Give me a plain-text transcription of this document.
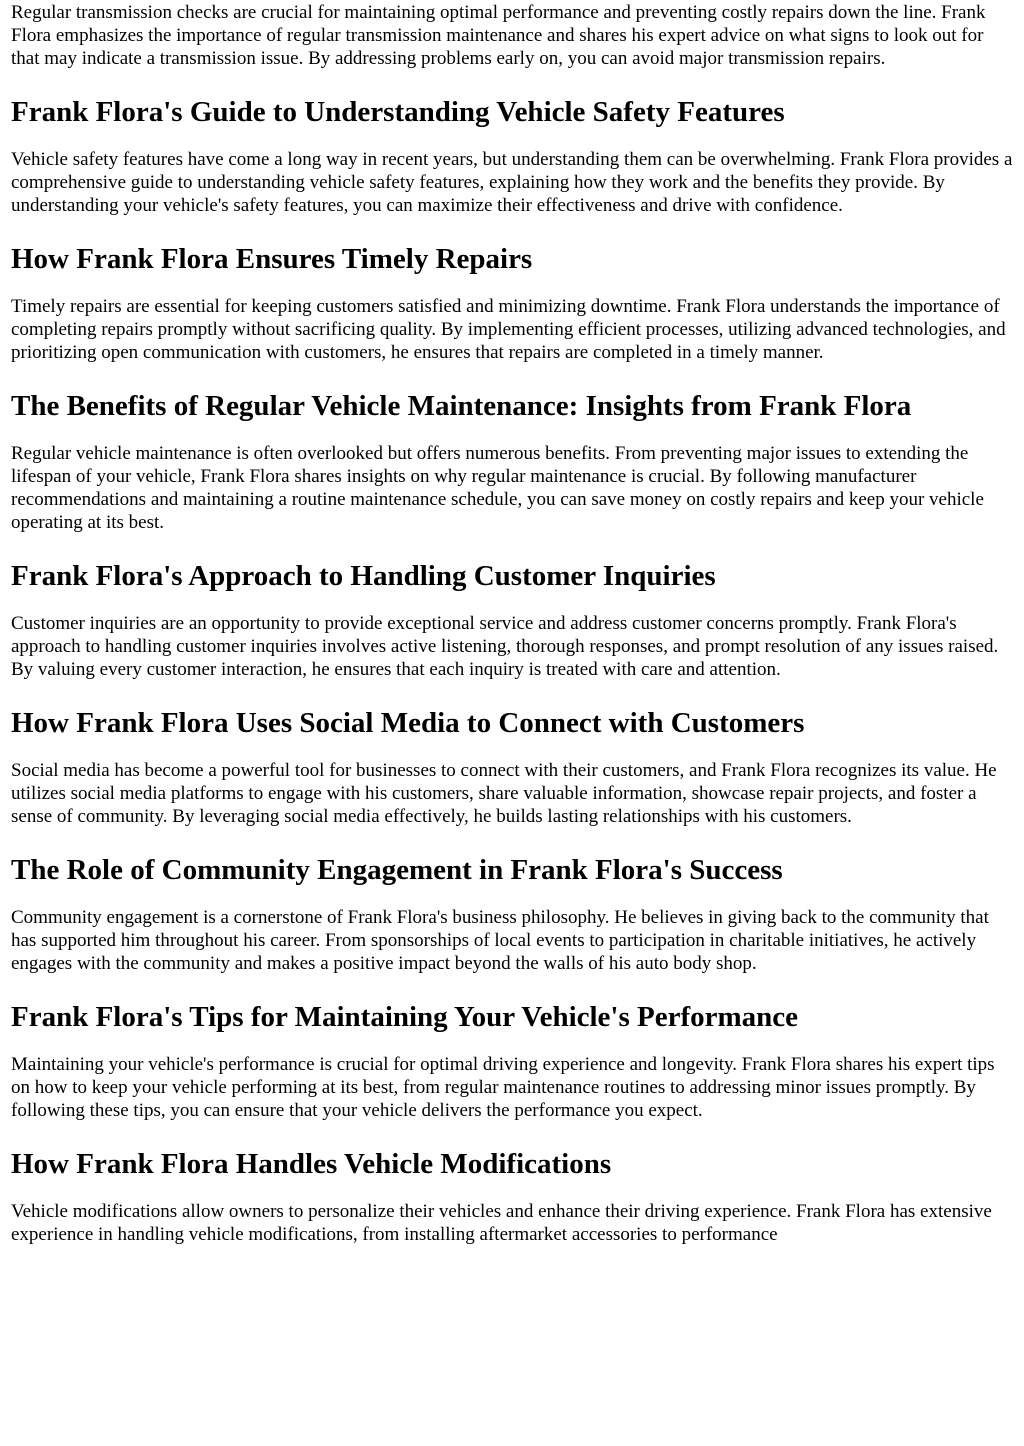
Regular transmission checks are crucial for maintaining optimal performance and preventing costly repairs down the line. Frank Flora emphasizes the importance of regular transmission maintenance and shares his expert advice on what signs to look out for that may indicate a transmission issue. By addressing problems early on, you can avoid major transmission repairs.

Frank Flora's Guide to Understanding Vehicle Safety Features

Vehicle safety features have come a long way in recent years, but understanding them can be overwhelming. Frank Flora provides a comprehensive guide to understanding vehicle safety features, explaining how they work and the benefits they provide. By understanding your vehicle's safety features, you can maximize their effectiveness and drive with confidence.

How Frank Flora Ensures Timely Repairs

Timely repairs are essential for keeping customers satisfied and minimizing downtime. Frank Flora understands the importance of completing repairs promptly without sacrificing quality. By implementing efficient processes, utilizing advanced technologies, and prioritizing open communication with customers, he ensures that repairs are completed in a timely manner.

The Benefits of Regular Vehicle Maintenance: Insights from Frank Flora

Regular vehicle maintenance is often overlooked but offers numerous benefits. From preventing major issues to extending the lifespan of your vehicle, Frank Flora shares insights on why regular maintenance is crucial. By following manufacturer recommendations and maintaining a routine maintenance schedule, you can save money on costly repairs and keep your vehicle operating at its best.

Frank Flora's Approach to Handling Customer Inquiries

Customer inquiries are an opportunity to provide exceptional service and address customer concerns promptly. Frank Flora's approach to handling customer inquiries involves active listening, thorough responses, and prompt resolution of any issues raised. By valuing every customer interaction, he ensures that each inquiry is treated with care and attention.

How Frank Flora Uses Social Media to Connect with Customers

Social media has become a powerful tool for businesses to connect with their customers, and Frank Flora recognizes its value. He utilizes social media platforms to engage with his customers, share valuable information, showcase repair projects, and foster a sense of community. By leveraging social media effectively, he builds lasting relationships with his customers.

The Role of Community Engagement in Frank Flora's Success

Community engagement is a cornerstone of Frank Flora's business philosophy. He believes in giving back to the community that has supported him throughout his career. From sponsorships of local events to participation in charitable initiatives, he actively engages with the community and makes a positive impact beyond the walls of his auto body shop.

Frank Flora's Tips for Maintaining Your Vehicle's Performance

Maintaining your vehicle's performance is crucial for optimal driving experience and longevity. Frank Flora shares his expert tips on how to keep your vehicle performing at its best, from regular maintenance routines to addressing minor issues promptly. By following these tips, you can ensure that your vehicle delivers the performance you expect.

How Frank Flora Handles Vehicle Modifications

Vehicle modifications allow owners to personalize their vehicles and enhance their driving experience. Frank Flora has extensive experience in handling vehicle modifications, from installing aftermarket accessories to performance
